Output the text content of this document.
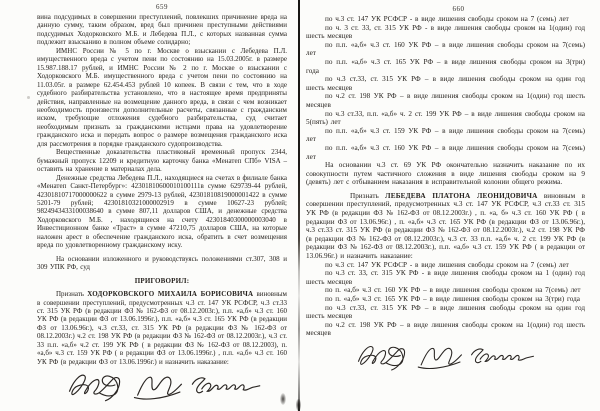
659

вина подсудимых в совершении преступлений, повлекших причинение вреда на данную сумму, таким образом, вред был причинен преступными действиями подсудимых Ходорковского М.Б. и Лебедева П.Л., с которых названная сумма подлежит взысканию в полном объеме солидарно;

ИМНС России № 5 по г. Москве о взыскании с Лебедева П.Л. имущественного вреда с учетом пени по состоянию на 15.03.2005г. в размере 15.987.188.17 рублей, и ИМНС России № 2 по г. Москве о взыскании с Ходорковского М.Б. имущественного вреда с учетом пени по состоянию на 11.03.05г. в размере 62.454.453 рублей 10 копеек. В связи с тем, что в ходе судебного разбирательства установлено, что в настоящее время предприняты действия, направленные на возмещение данного вреда, в связи с чем возникает необходимость произвести дополнительные расчеты, связанные с гражданским иском, требующие отложения судебного разбирательства, суд считает необходимым признать за гражданскими истцами права на удовлетворение гражданского иска и передать вопрос о размере возмещения гражданского иска для рассмотрения в порядке гражданского судопроизводства.

Вещественные доказательства пластиковый временный пропуск 2344, бумажный пропуск 12209 и кредитную карточку банка «Менатеп СПб» VISA – оставить на хранение в материалах дела.

Денежные средства Лебедева П.Л., находящиеся на счетах в филиале банка «Менатеп Санкт-Петербург»: 42301810600010100111в сумме 629739-44 рублей, 42301810717000000622 в сумме 2979-13 рублей, 42301810819000001422 в сумме 5201-79 рублей; 42301810321000002919 в сумме 10627-23 рублей; 9824943433100038640 в сумме 807,11 долларов США, и денежные средства Ходорковского М.Б. , находящиеся на счету 42301840300000003040 в Инвестиционном банке «Траст» в сумме 47210,75 долларов США, на которые наложен арест в обеспечение гражданского иска, обратить в счет возмещения вреда по удовлетворенному гражданскому иску.

На основании изложенного и руководствуясь положениями ст.307, 308 и 309 УПК РФ, суд

ПРИГОВОРИЛ:

Признать ХОДОРКОВСКОГО МИХАИЛА БОРИСОВИЧА виновным в совершении преступлений, предусмотренных ч.3 ст. 147 УК РСФСР, ч.3 ст.33 ст. 315 УК РФ (в редакции ФЗ № 162-ФЗ от 08.12.2003г.), п.п. «а,б» ч.3 ст. 160 УК РФ (в редакции ФЗ от 13.06.1996г.), п.п. «а,б» ч.3 ст. 165 УК РФ (в редакции ФЗ от 13.06.96г.), ч.3 ст.33, ст. 315 УК РФ (в редакции ФЗ № 162-ФЗ от 08.12.2003г.) ч.2 ст. 198 УК РФ (в редакции ФЗ № 162-ФЗ от 08.12.2003г.), ч.3 ст. 33 п.п. «а,б» ч.2 ст. 199 УК РФ ( в редакции ФЗ № 162-ФЗ от 08.12.2003), п. «а,б» ч.3 ст. 159 УК РФ ( в редакции ФЗ от 13.06.1996г.) , п.п. «а,б» ч.3 ст. 160 УК РФ (в редакции ФЗ от 13.06.1996г.) и назначить наказание:

660

по ч.3 ст. 147 УК РСФСР - в виде лишения свободы сроком на 7 (семь) лет

по ч. 3 ст. 33, ст. 315 УК РФ - в виде лишения свободы сроком на 1(один) год шесть месяцев

по п.п. «а,б» ч.3 ст. 160 УК РФ – в виде лишения свободы сроком на 7(семь) лет

по п.п. «а,б» ч.3 ст. 165 УК РФ – в виде лишения свободы сроком на 3(три) года

по ч.3 ст.33, ст. 315 УК РФ – в виде лишения свободы сроком на один год шесть месяцев

по ч.2 ст. 198 УК РФ – в виде лишения свободы сроком на 1(один) год шесть месяцев

по ч.3 ст.33, п.п. «а,б» ч. 2 ст. 199 УК РФ – в виде лишения свободы сроком на 5(пять) лет

по п.п. «а,б» ч.3 ст. 159 УК РФ – в виде лишения свободы сроком на 7(семь) лет

по п.п. «а,б» ч.3 ст. 160 УК РФ – в виде лишения свободы сроком на 7(семь) лет

На основании ч.3 ст. 69 УК РФ окончательно назначить наказание по их совокупности путем частичного сложения в виде лишения свободы сроком на 9 (девять) лет с отбыванием наказания в исправительной колонии общего режима.

Признать ЛЕБЕДЕВА ПЛАТОНА ЛЕОНИДОВИЧА виновным в совершении преступлений, предусмотренных ч.3 ст. 147 УК РСФСР, ч.3 ст.33 ст. 315 УК РФ (в редакции ФЗ № 162-ФЗ от 08.12.2003г.) , п. «а, б» ч.3 ст. 160 УК РФ ( в редакции ФЗ от 13.06.96г.) , п. «а,б» ч.3 ст. 165 УК РФ (в редакции ФЗ от 13.06.96г.), ч.3 ст.33 ст. 315 УК РФ (в редакции ФЗ № 162-ФЗ от 08.12.2003г.), ч.2 ст. 198 УК РФ (в редакции ФЗ № 162-ФЗ от 08.12.2003г.), ч.3 ст. 33 п.п. «а,б» ч. 2 ст. 199 УК РФ (в редакции ФЗ № 162-ФЗ от 08.12.2003г.), п.п. «а,б» ч.3 ст. 159 УК РФ ( в редакции от 13.06.96г.) и назначить наказание:

по ч.3 ст. 147 УК РСФСР - в виде лишения свободы сроком на 7 (семь) лет

по ч.3 ст. 33, ст. 315 УК РФ - в виде лишения свободы сроком на 1 (один) год шесть месяцев

по п. «а,б» ч.3 ст. 160 УК РФ – в виде лишения свободы сроком на 7(семь) лет

по п. «а,б» ч.3 ст. 165 УК РФ – в виде лишения свободы сроком на 3(три) года

по ч.3 ст.33, ст. 315 УК РФ – в виде лишения свободы сроком на один год шесть месяцев

по ч.2 ст. 198 УК РФ – в виде лишения свободы сроком на 1(один) год шесть месяцев
